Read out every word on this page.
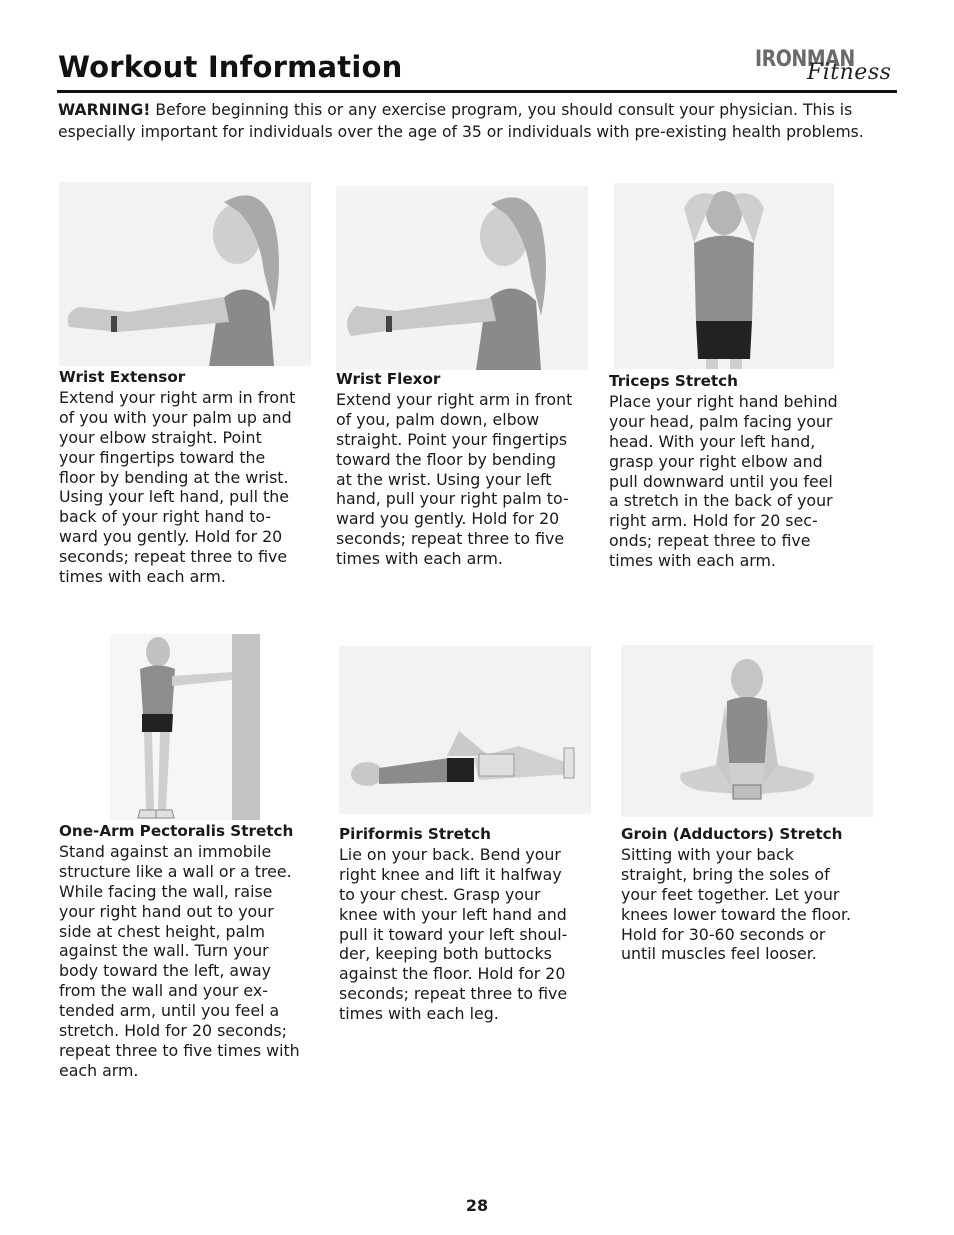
Workout Information	IRONMAN
Fitness
WARNING! Before beginning this or any exercise program, you should consult your physician. This is especially important for individuals over the age of 35 or individuals with pre-existing health problems.
Wrist Extensor
Extend your right arm in front
of you with your palm up and
your elbow straight. Point
your fingertips toward the
floor by bending at the wrist.
Using your left hand, pull the
back of your right hand to-
ward you gently. Hold for 20
seconds; repeat three to five
times with each arm.
Wrist Flexor
Extend your right arm in front
of you, palm down, elbow
straight. Point your fingertips
toward the floor by bending
at the wrist. Using your left
hand, pull your right palm to-
ward you gently. Hold for 20
seconds; repeat three to five
times with each arm.
Triceps Stretch
Place your right hand behind
your head, palm facing your
head. With your left hand,
grasp your right elbow and
pull downward until you feel
a stretch in the back of your
right arm. Hold for 20 sec-
onds; repeat three to five
times with each arm.
One-Arm Pectoralis Stretch
Stand against an immobile
structure like a wall or a tree.
While facing the wall, raise
your right hand out to your
side at chest height, palm
against the wall. Turn your
body toward the left, away
from the wall and your ex-
tended arm, until you feel a
stretch. Hold for 20 seconds;
repeat three to five times with
each arm.
Piriformis Stretch
Lie on your back. Bend your
right knee and lift it halfway
to your chest. Grasp your
knee with your left hand and
pull it toward your left shoul-
der, keeping both buttocks
against the floor. Hold for 20
seconds; repeat three to five
times with each leg.
Groin (Adductors) Stretch
Sitting with your back
straight, bring the soles of
your feet together. Let your
knees lower toward the floor.
Hold for 30-60 seconds or
until muscles feel looser.
28
